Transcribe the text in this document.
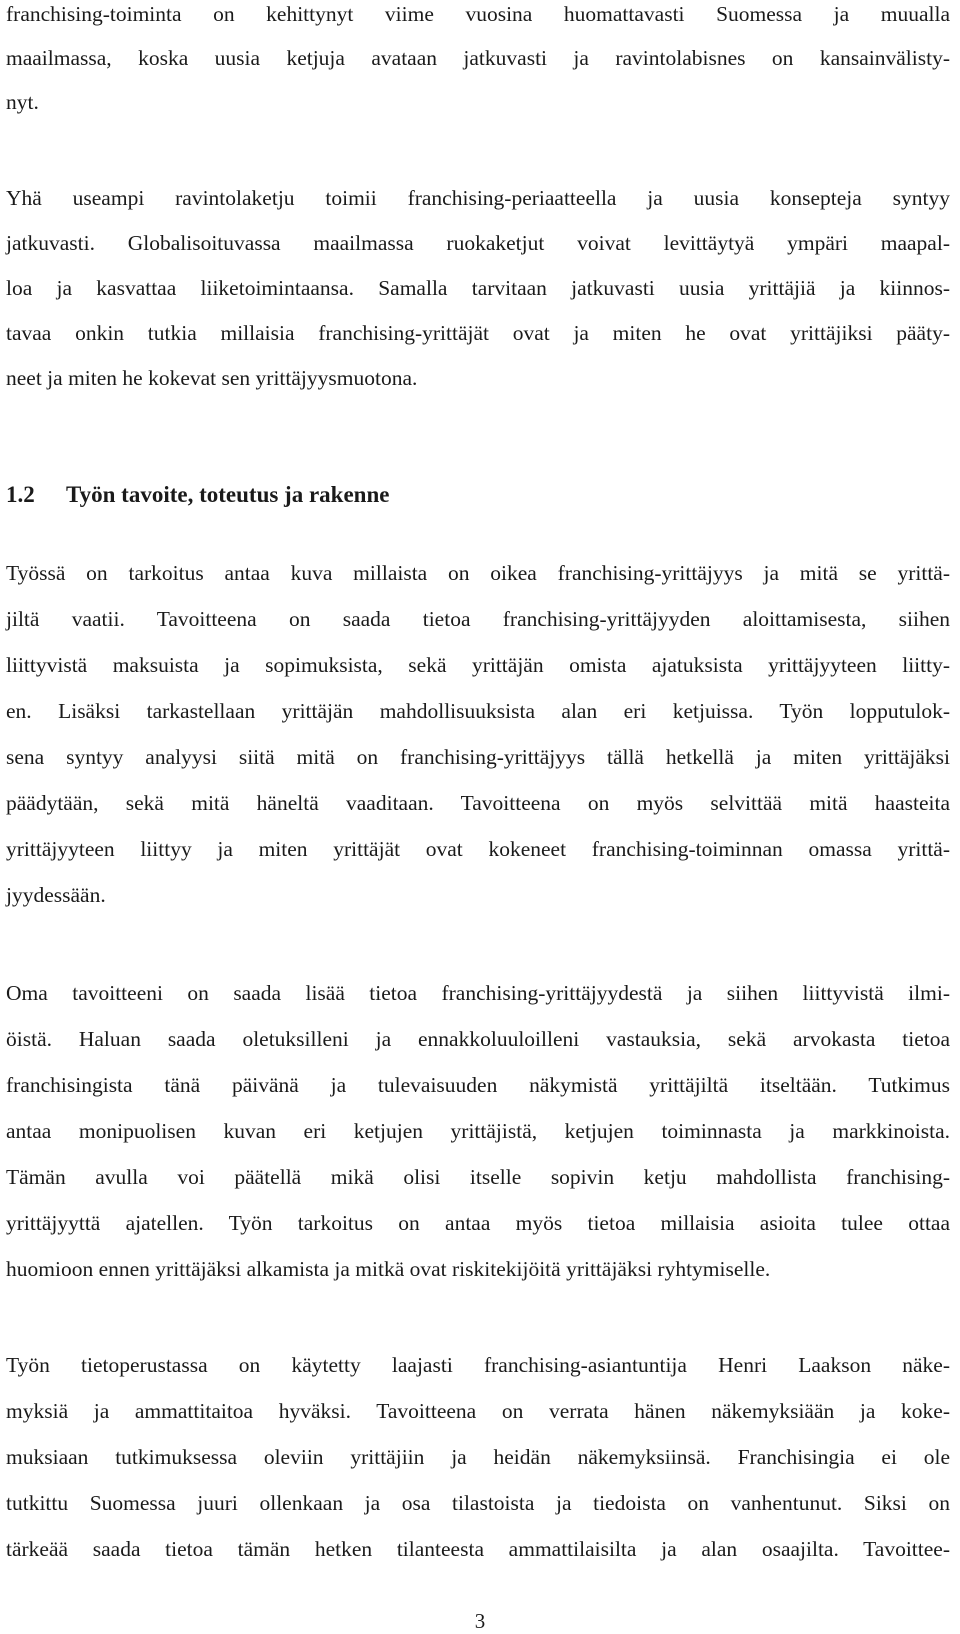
franchising-toiminta on kehittynyt viime vuosina huomattavasti Suomessa ja muualla
maailmassa, koska uusia ketjuja avataan jatkuvasti ja ravintolabisnes on kansainvälisty-
nyt.
Yhä useampi ravintolaketju toimii franchising-periaatteella ja uusia konsepteja syntyy
jatkuvasti. Globalisoituvassa maailmassa ruokaketjut voivat levittäytyä ympäri maapal-
loa ja kasvattaa liiketoimintaansa. Samalla tarvitaan jatkuvasti uusia yrittäjiä ja kiinnos-
tavaa onkin tutkia millaisia franchising-yrittäjät ovat ja miten he ovat yrittäjiksi pääty-
neet ja miten he kokevat sen yrittäjyysmuotona.
1.2 Työn tavoite, toteutus ja rakenne
Työssä on tarkoitus antaa kuva millaista on oikea franchising-yrittäjyys ja mitä se yrittä-
jiltä vaatii. Tavoitteena on saada tietoa franchising-yrittäjyyden aloittamisesta, siihen
liittyvistä maksuista ja sopimuksista, sekä yrittäjän omista ajatuksista yrittäjyyteen liitty-
en. Lisäksi tarkastellaan yrittäjän mahdollisuuksista alan eri ketjuissa. Työn lopputulok-
sena syntyy analyysi siitä mitä on franchising-yrittäjyys tällä hetkellä ja miten yrittäjäksi
päädytään, sekä mitä häneltä vaaditaan. Tavoitteena on myös selvittää mitä haasteita
yrittäjyyteen liittyy ja miten yrittäjät ovat kokeneet franchising-toiminnan omassa yrittä-
jyydessään.
Oma tavoitteeni on saada lisää tietoa franchising-yrittäjyydestä ja siihen liittyvistä ilmi-
öistä. Haluan saada oletuksilleni ja ennakkoluuloilleni vastauksia, sekä arvokasta tietoa
franchisingista tänä päivänä ja tulevaisuuden näkymistä yrittäjiltä itseltään. Tutkimus
antaa monipuolisen kuvan eri ketjujen yrittäjistä, ketjujen toiminnasta ja markkinoista.
Tämän avulla voi päätellä mikä olisi itselle sopivin ketju mahdollista franchising-
yrittäjyyttä ajatellen. Työn tarkoitus on antaa myös tietoa millaisia asioita tulee ottaa
huomioon ennen yrittäjäksi alkamista ja mitkä ovat riskitekijöitä yrittäjäksi ryhtymiselle.
Työn tietoperustassa on käytetty laajasti franchising-asiantuntija Henri Laakson näke-
myksiä ja ammattitaitoa hyväksi. Tavoitteena on verrata hänen näkemyksiään ja koke-
muksiaan tutkimuksessa oleviin yrittäjiin ja heidän näkemyksiinsä. Franchisingia ei ole
tutkittu Suomessa juuri ollenkaan ja osa tilastoista ja tiedoista on vanhentunut. Siksi on
tärkeää saada tietoa tämän hetken tilanteesta ammattilaisilta ja alan osaajilta. Tavoittee-
3
